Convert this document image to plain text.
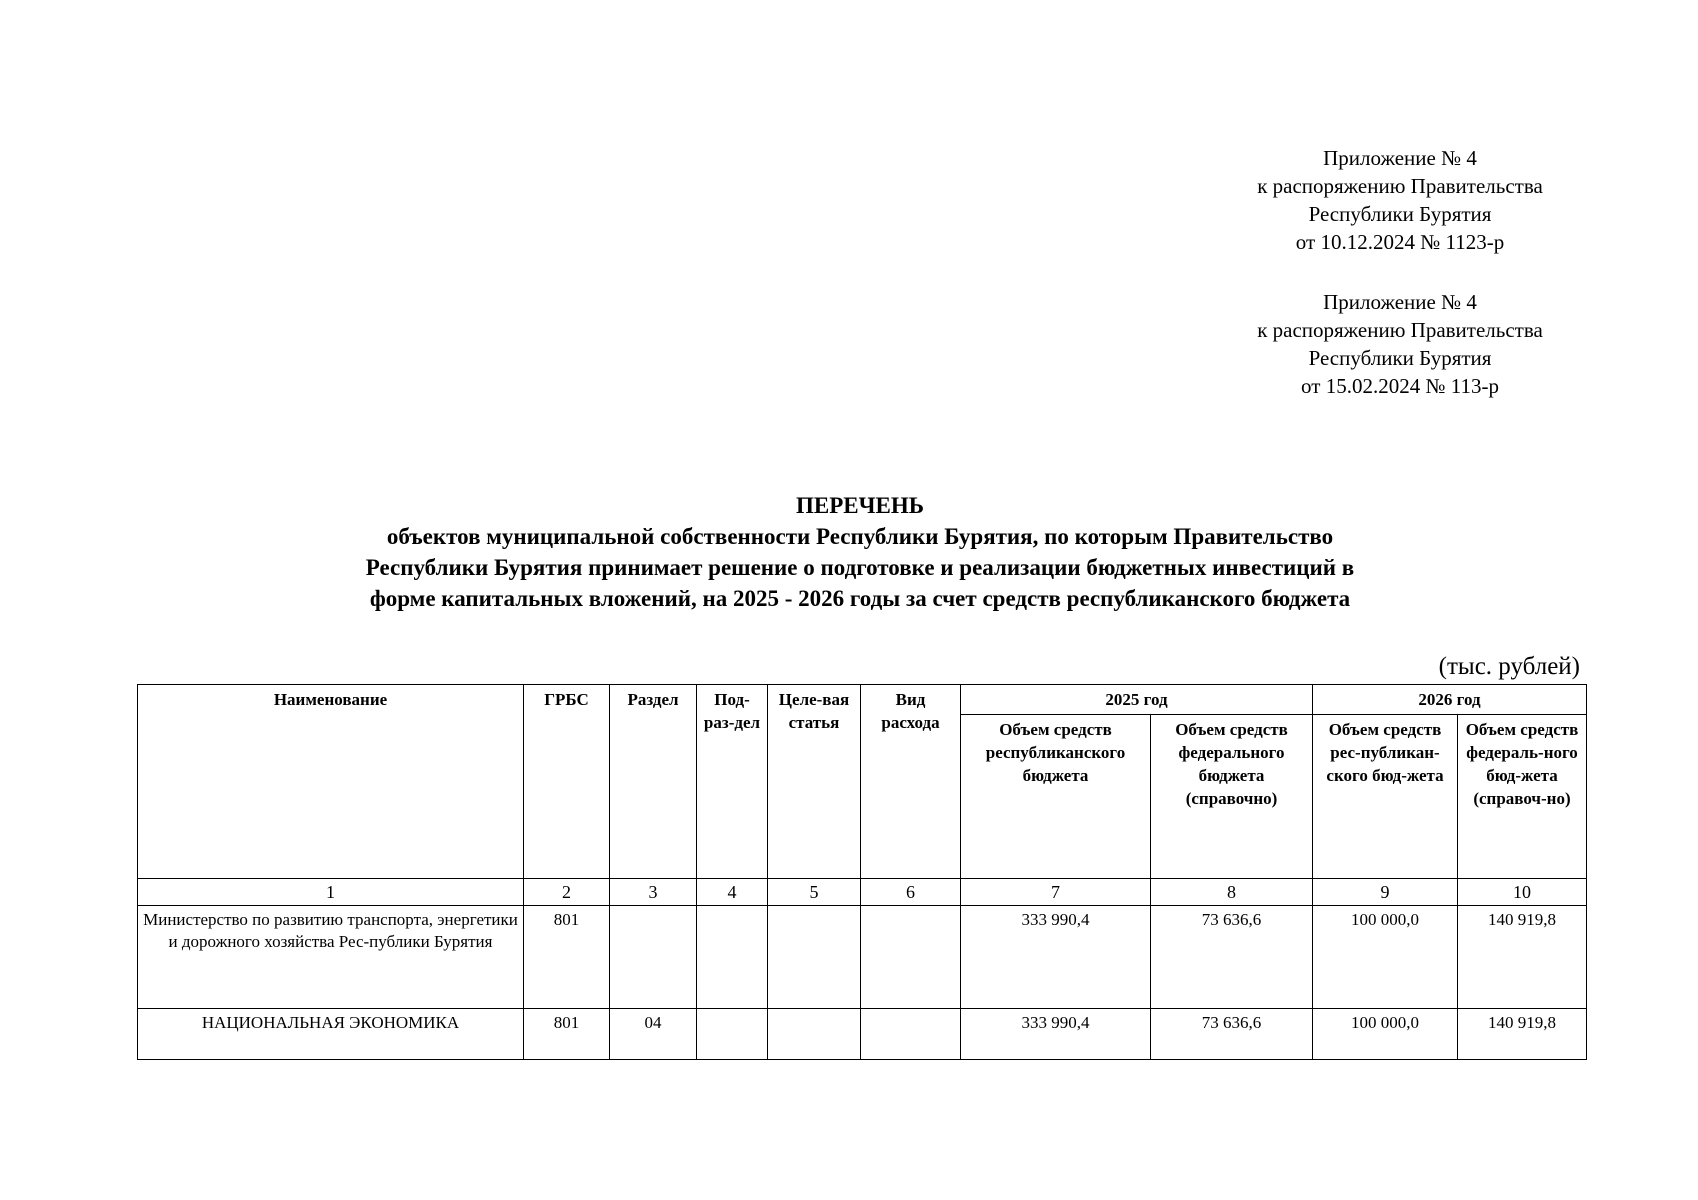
Приложение № 4
к распоряжению Правительства
Республики Бурятия
от 10.12.2024 № 1123-р
Приложение № 4
к распоряжению Правительства
Республики Бурятия
от 15.02.2024 № 113-р
ПЕРЕЧЕНЬ
объектов муниципальной собственности Республики Бурятия, по которым Правительство
Республики Бурятия принимает решение о подготовке и реализации бюджетных инвестиций в
форме капитальных вложений, на 2025 - 2026 годы за счет средств республиканского бюджета
(тыс. рублей)
Наименование	ГРБС	Раздел	Под-раз-дел	Целе-вая статья	Вид расхода	2025 год		2026 год	
						Объем средств республиканского бюджета	Объем средств федерального бюджета (справочно)	Объем средств рес-публикан-ского бюд-жета	Объем средств федераль-ного бюд-жета (справоч-но)
1	2	3	4	5	6	7	8	9	10
Министерство по развитию транспорта, энергетики и дорожного хозяйства Рес-публики Бурятия	801					333 990,4	73 636,6	100 000,0	140 919,8
НАЦИОНАЛЬНАЯ ЭКОНОМИКА	801	04				333 990,4	73 636,6	100 000,0	140 919,8
